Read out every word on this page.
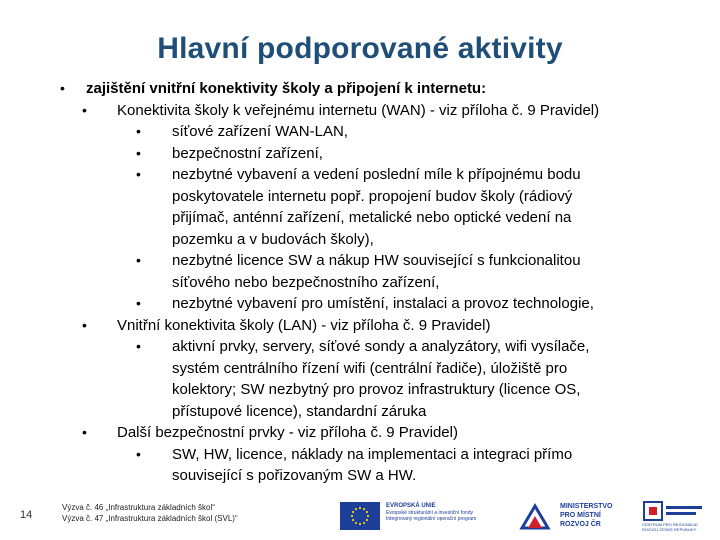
Hlavní podporované aktivity
• zajištění vnitřní konektivity školy a připojení k internetu:
• Konektivita školy k veřejnému internetu (WAN) - viz příloha č. 9 Pravidel)
• síťové zařízení WAN-LAN,
• bezpečnostní zařízení,
• nezbytné vybavení a vedení poslední míle k přípojnému bodu
poskytovatele internetu popř. propojení budov školy (rádiový
přijímač, anténní zařízení, metalické nebo optické vedení na
pozemku a v budovách školy),
• nezbytné licence SW a nákup HW související s funkcionalitou
síťového nebo bezpečnostního zařízení,
• nezbytné vybavení pro umístění, instalaci a provoz technologie,
• Vnitřní konektivita školy (LAN) - viz příloha č. 9 Pravidel)
• aktivní prvky, servery, síťové sondy a analyzátory, wifi vysílače,
systém centrálního řízení wifi (centrální řadiče), úložiště pro
kolektory; SW nezbytný pro provoz infrastruktury (licence OS,
přístupové licence), standardní záruka
• Další bezpečnostní prvky - viz příloha č. 9 Pravidel)
• SW, HW, licence, náklady na implementaci a integraci přímo
související s pořizovaným SW a HW.
14
Výzva č. 46 „Infrastruktura základních škol“
Výzva č. 47 „Infrastruktura základních škol (SVL)“
EVROPSKÁ UNIE
Evropské strukturální a investiční fondy
Integrovaný regionální operační program
MINISTERSTVO
PRO MÍSTNÍ
ROZVOJ ČR	CENTRUM PRO REGIONÁLNÍ ROZVOJ ČESKÉ REPUBLIKY
